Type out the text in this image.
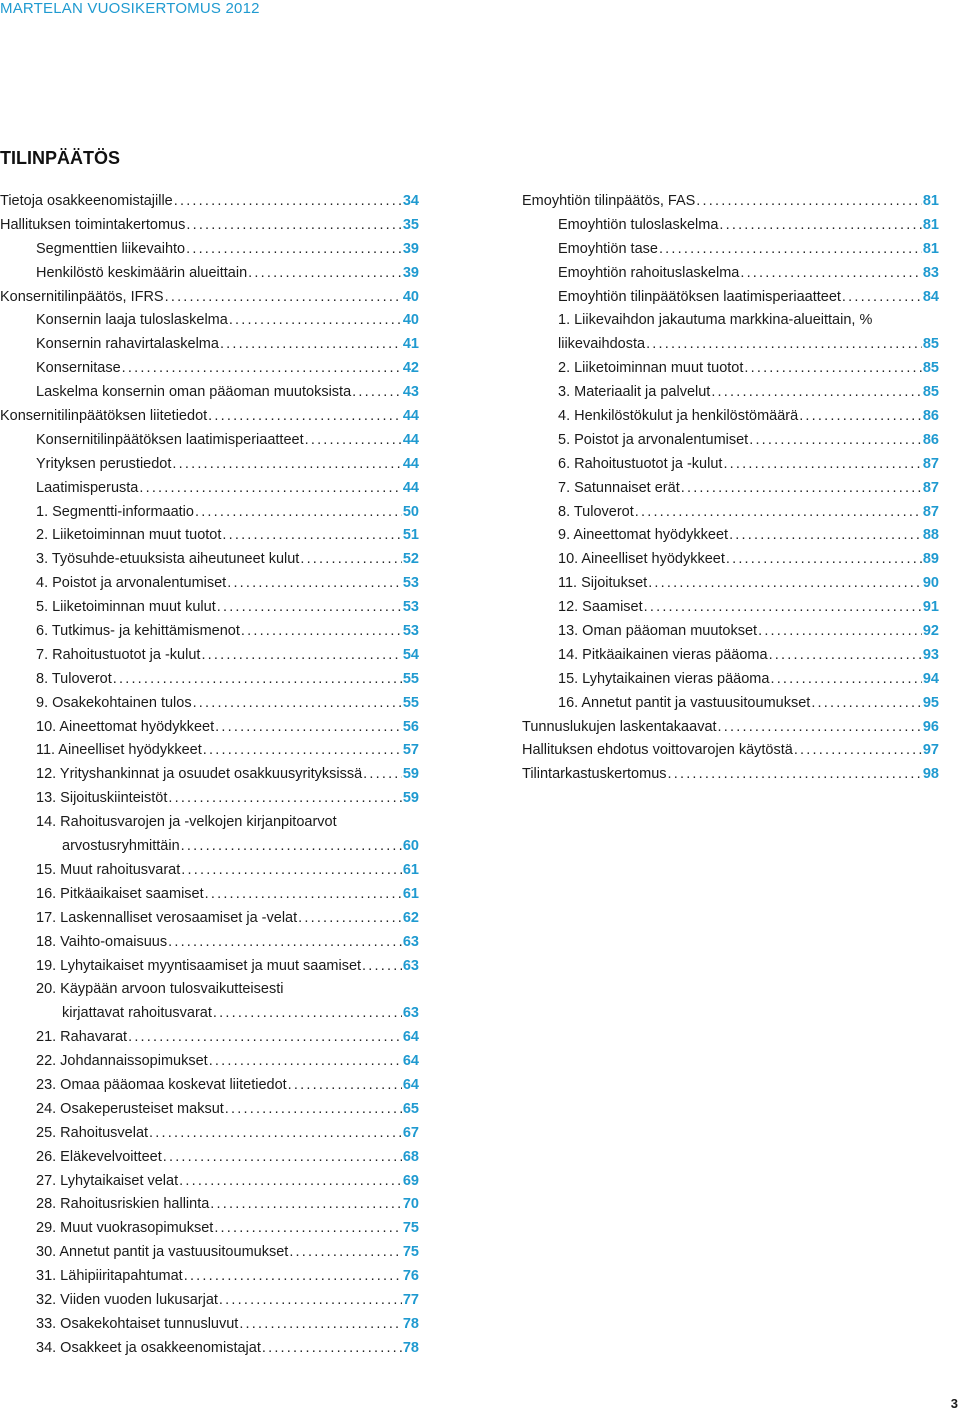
MARTELAN VUOSIKERTOMUS 2012
TILINPÄÄTÖS
Tietoja osakkeenomistajille .....	34
Hallituksen toimintakertomus .....	35
Segmenttien liikevaihto .....	39
Henkilöstö keskimäärin alueittain .....	39
Konsernitilinpäätös, IFRS .....	40
Konsernin laaja tuloslaskelma .....	40
Konsernin rahavirtalaskelma .....	41
Konsernitase .....	42
Laskelma konsernin oman pääoman muutoksista .....	43
Konsernitilinpäätöksen liitetiedot .....	44
Konsernitilinpäätöksen laatimisperiaatteet .....	44
Yrityksen perustiedot .....	44
Laatimisperusta .....	44
1. Segmentti-informaatio .....	50
2. Liiketoiminnan muut tuotot .....	51
3. Työsuhde-etuuksista aiheutuneet kulut .....	52
4. Poistot ja arvonalentumiset .....	53
5. Liiketoiminnan muut kulut .....	53
6. Tutkimus- ja kehittämismenot .....	53
7. Rahoitustuotot ja -kulut .....	54
8. Tuloverot .....	55
9. Osakekohtainen tulos .....	55
10. Aineettomat hyödykkeet .....	56
11. Aineelliset hyödykkeet .....	57
12. Yrityshankinnat ja osuudet osakkuusyrityksissä .....	59
13. Sijoituskiinteistöt .....	59
14. Rahoitusvarojen ja -velkojen kirjanpitoarvot
arvostusryhmittäin .....	60
15. Muut rahoitusvarat .....	61
16. Pitkäaikaiset saamiset .....	61
17. Laskennalliset verosaamiset ja -velat .....	62
18. Vaihto-omaisuus .....	63
19. Lyhytaikaiset myyntisaamiset ja muut saamiset .....	63
20. Käypään arvoon tulosvaikutteisesti
kirjattavat rahoitusvarat .....	63
21. Rahavarat .....	64
22. Johdannaissopimukset .....	64
23. Omaa pääomaa koskevat liitetiedot .....	64
24. Osakeperusteiset maksut .....	65
25. Rahoitusvelat .....	67
26. Eläkevelvoitteet .....	68
27. Lyhytaikaiset velat .....	69
28. Rahoitusriskien hallinta .....	70
29. Muut vuokrasopimukset .....	75
30. Annetut pantit ja vastuusitoumukset .....	75
31. Lähipiiritapahtumat .....	76
32. Viiden vuoden lukusarjat .....	77
33. Osakekohtaiset tunnusluvut .....	78
34. Osakkeet ja osakkeenomistajat .....	78
Emoyhtiön tilinpäätös, FAS .....	81
Emoyhtiön tuloslaskelma .....	81
Emoyhtiön tase .....	81
Emoyhtiön rahoituslaskelma .....	83
Emoyhtiön tilinpäätöksen laatimisperiaatteet .....	84
1. Liikevaihdon jakautuma markkina-alueittain, %
liikevaihdosta .....	85
2. Liiketoiminnan muut tuotot .....	85
3. Materiaalit ja palvelut .....	85
4. Henkilöstökulut ja henkilöstömäärä .....	86
5. Poistot ja arvonalentumiset .....	86
6. Rahoitustuotot ja -kulut .....	87
7. Satunnaiset erät .....	87
8. Tuloverot .....	87
9. Aineettomat hyödykkeet .....	88
10. Aineelliset hyödykkeet .....	89
11. Sijoitukset .....	90
12. Saamiset .....	91
13. Oman pääoman muutokset .....	92
14. Pitkäaikainen vieras pääoma .....	93
15. Lyhytaikainen vieras pääoma .....	94
16. Annetut pantit ja vastuusitoumukset .....	95
Tunnuslukujen laskentakaavat .....	96
Hallituksen ehdotus voittovarojen käytöstä .....	97
Tilintarkastuskertomus .....	98
3
